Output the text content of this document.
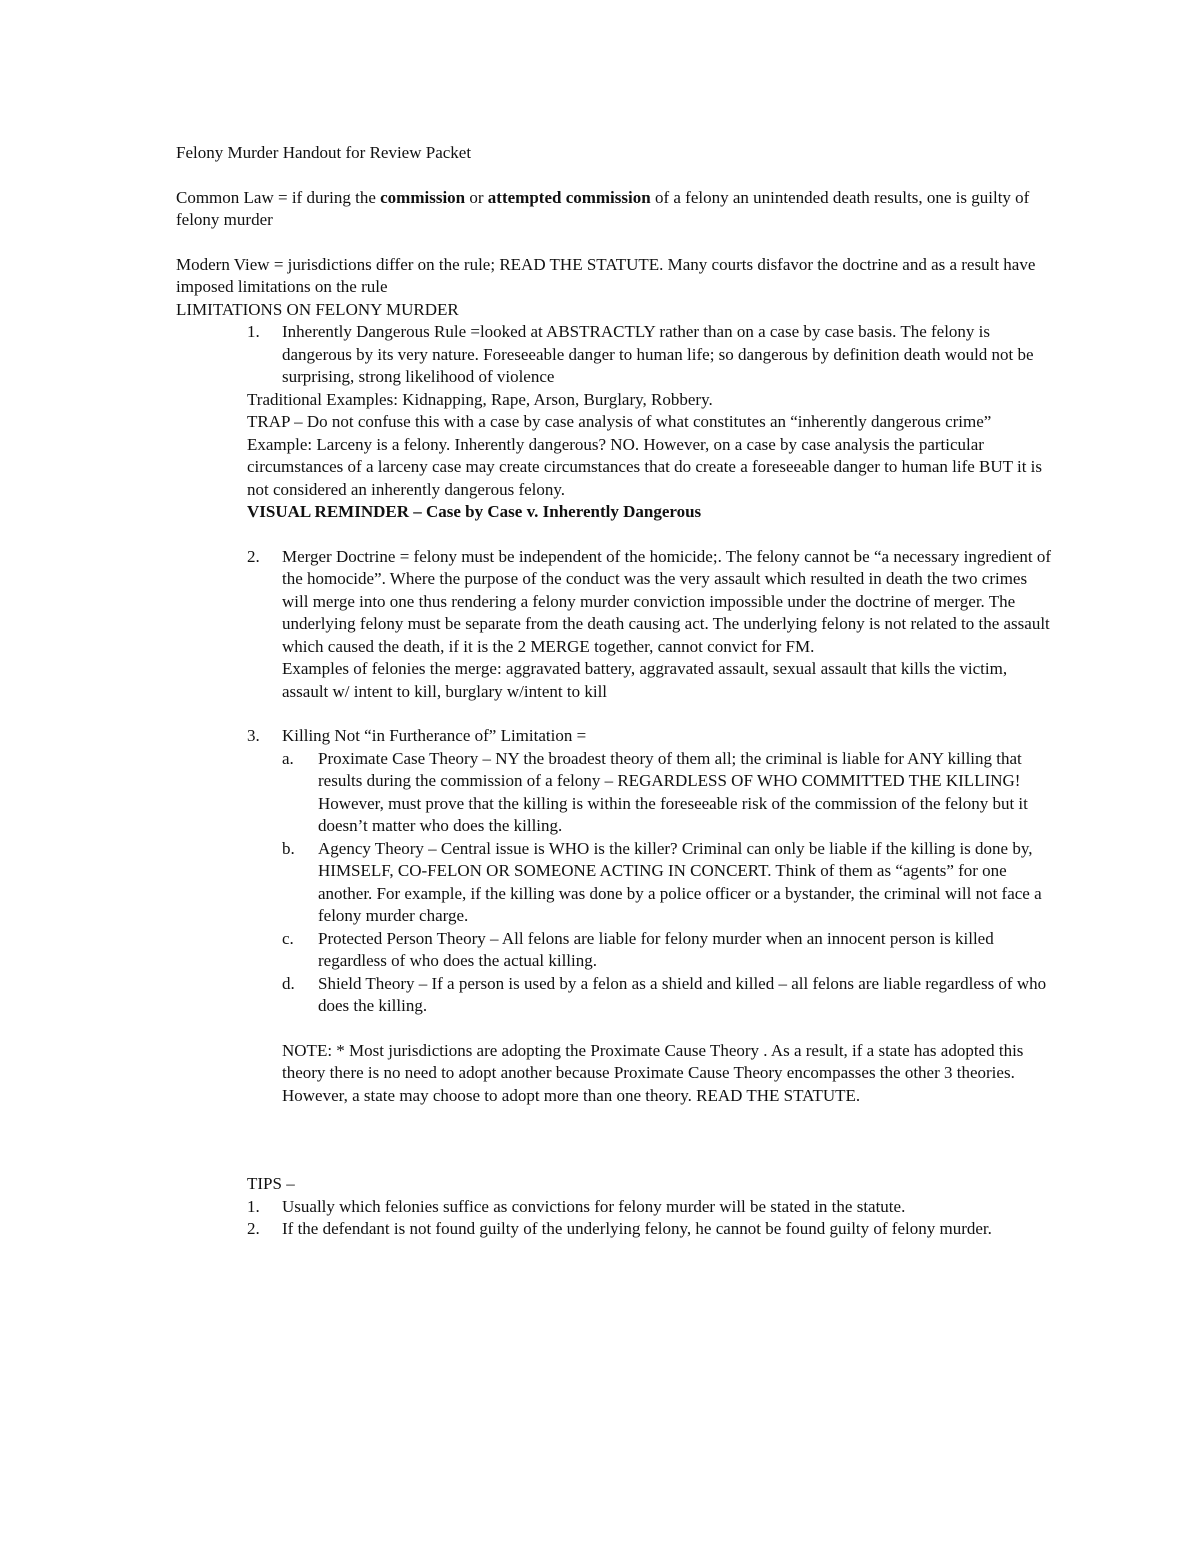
Felony Murder Handout for Review Packet

Common Law = if during the commission or attempted commission of a felony an unintended death results, one is guilty of felony murder

Modern View = jurisdictions differ on the rule; READ THE STATUTE. Many courts disfavor the doctrine and as a result have imposed limitations on the rule

LIMITATIONS ON FELONY MURDER

1. Inherently Dangerous Rule =looked at ABSTRACTLY rather than on a case by case basis. The felony is dangerous by its very nature. Foreseeable danger to human life; so dangerous by definition death would not be surprising, strong likelihood of violence

Traditional Examples: Kidnapping, Rape, Arson, Burglary, Robbery.

TRAP – Do not confuse this with a case by case analysis of what constitutes an “inherently dangerous crime” Example: Larceny is a felony. Inherently dangerous? NO. However, on a case by case analysis the particular circumstances of a larceny case may create circumstances that do create a foreseeable danger to human life BUT it is not considered an inherently dangerous felony.

VISUAL REMINDER – Case by Case v. Inherently Dangerous

2. Merger Doctrine = felony must be independent of the homicide;. The felony cannot be “a necessary ingredient of the homocide”. Where the purpose of the conduct was the very assault which resulted in death the two crimes will merge into one thus rendering a felony murder conviction impossible under the doctrine of merger. The underlying felony must be separate from the death causing act. The underlying felony is not related to the assault which caused the death, if it is the 2 MERGE together, cannot convict for FM.

Examples of felonies the merge: aggravated battery, aggravated assault, sexual assault that kills the victim, assault w/ intent to kill, burglary w/intent to kill

3. Killing Not “in Furtherance of” Limitation =

a. Proximate Case Theory – NY the broadest theory of them all; the criminal is liable for ANY killing that results during the commission of a felony – REGARDLESS OF WHO COMMITTED THE KILLING! However, must prove that the killing is within the foreseeable risk of the commission of the felony but it doesn’t matter who does the killing.

b. Agency Theory – Central issue is WHO is the killer? Criminal can only be liable if the killing is done by, HIMSELF, CO-FELON OR SOMEONE ACTING IN CONCERT. Think of them as “agents” for one another. For example, if the killing was done by a police officer or a bystander, the criminal will not face a felony murder charge.

c. Protected Person Theory – All felons are liable for felony murder when an innocent person is killed regardless of who does the actual killing.

d. Shield Theory – If a person is used by a felon as a shield and killed – all felons are liable regardless of who does the killing.

NOTE: * Most jurisdictions are adopting the Proximate Cause Theory . As a result, if a state has adopted this theory there is no need to adopt another because Proximate Cause Theory encompasses the other 3 theories. However, a state may choose to adopt more than one theory. READ THE STATUTE.

TIPS –

1. Usually which felonies suffice as convictions for felony murder will be stated in the statute.

2. If the defendant is not found guilty of the underlying felony, he cannot be found guilty of felony murder.
